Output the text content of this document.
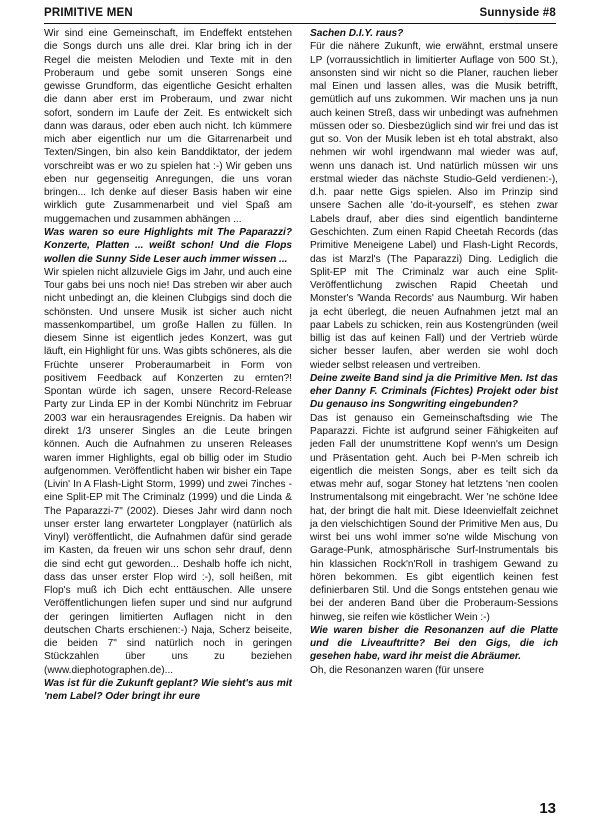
PRIMITIVE MEN	Sunnyside #8

Wir sind eine Gemeinschaft, im Endeffekt entstehen die Songs durch uns alle drei. Klar bring ich in der Regel die meisten Melodien und Texte mit in den Proberaum und gebe somit unseren Songs eine gewisse Grundform, das eigentliche Gesicht erhalten die dann aber erst im Proberaum, und zwar nicht sofort, sondern im Laufe der Zeit. Es entwickelt sich dann was daraus, oder eben auch nicht. Ich kümmere mich aber eigentlich nur um die Gitarrenarbeit und Texten/Singen, bin also kein Banddiktator, der jedem vorschreibt was er wo zu spielen hat :-) Wir geben uns eben nur gegenseitig Anregungen, die uns voran bringen... Ich denke auf dieser Basis haben wir eine wirklich gute Zusammenarbeit und viel Spaß am muggemachen und zusammen abhängen ...

Was waren so eure Highlights mit The Paparazzi? Konzerte, Platten ... weißt schon! Und die Flops wollen die Sunny Side Leser auch immer wissen ...

Wir spielen nicht allzuviele Gigs im Jahr, und auch eine Tour gabs bei uns noch nie! Das streben wir aber auch nicht unbedingt an, die kleinen Clubgigs sind doch die schönsten. Und unsere Musik ist sicher auch nicht massenkompartibel, um große Hallen zu füllen. In diesem Sinne ist eigentlich jedes Konzert, was gut läuft, ein Highlight für uns. Was gibts schöneres, als die Früchte unserer Proberaumarbeit in Form von positivem Feedback auf Konzerten zu ernten?! Spontan würde ich sagen, unsere Record-Release Party zur Linda EP in der Kombi Nünchritz im Februar 2003 war ein herausragendes Ereignis. Da haben wir direkt 1/3 unserer Singles an die Leute bringen können. Auch die Aufnahmen zu unseren Releases waren immer Highlights, egal ob billig oder im Studio aufgenommen. Veröffentlicht haben wir bisher ein Tape (Livin' In A Flash-Light Storm, 1999) und zwei 7inches - eine Split-EP mit The Criminalz (1999) und die Linda & The Paparazzi-7" (2002). Dieses Jahr wird dann noch unser erster lang erwarteter Longplayer (natürlich als Vinyl) veröffentlicht, die Aufnahmen dafür sind gerade im Kasten, da freuen wir uns schon sehr drauf, denn die sind echt gut geworden... Deshalb hoffe ich nicht, dass das unser erster Flop wird :-), soll heißen, mit Flop's muß ich Dich echt enttäuschen. Alle unsere Veröffentlichungen liefen super und sind nur aufgrund der geringen limitierten Auflagen nicht in den deutschen Charts erschienen:-) Naja, Scherz beiseite, die beiden 7" sind natürlich noch in geringen Stückzahlen über uns zu beziehen (www.diephotographen.de)...

Was ist für die Zukunft geplant? Wie sieht's aus mit 'nem Label? Oder bringt ihr eure

Sachen D.I.Y. raus?

Für die nähere Zukunft, wie erwähnt, erstmal unsere LP (vorraussichtlich in limitierter Auflage von 500 St.), ansonsten sind wir nicht so die Planer, rauchen lieber mal Einen und lassen alles, was die Musik betrifft, gemütlich auf uns zukommen. Wir machen uns ja nun auch keinen Streß, dass wir unbedingt was aufnehmen müssen oder so. Diesbezüglich sind wir frei und das ist gut so. Von der Musik leben ist eh total abstrakt, also nehmen wir wohl irgendwann mal wieder was auf, wenn uns danach ist. Und natürlich müssen wir uns erstmal wieder das nächste Studio-Geld verdienen:-), d.h. paar nette Gigs spielen. Also im Prinzip sind unsere Sachen alle 'do-it-yourself', es stehen zwar Labels drauf, aber dies sind eigentlich bandinterne Geschichten. Zum einen Rapid Cheetah Records (das Primitive Meneigene Label) und Flash-Light Records, das ist Marzl's (The Paparazzi) Ding. Lediglich die Split-EP mit The Criminalz war auch eine Split-Veröffentlichung zwischen Rapid Cheetah und Monster's 'Wanda Records' aus Naumburg. Wir haben ja echt überlegt, die neuen Aufnahmen jetzt mal an paar Labels zu schicken, rein aus Kostengründen (weil billig ist das auf keinen Fall) und der Vertrieb würde sicher besser laufen, aber werden sie wohl doch wieder selbst releasen und vertreiben.

Deine zweite Band sind ja die Primitive Men. Ist das eher Danny F. Criminals (Fichtes) Projekt oder bist Du genauso ins Songwriting eingebunden?

Das ist genauso ein Gemeinschaftsding wie The Paparazzi. Fichte ist aufgrund seiner Fähigkeiten auf jeden Fall der unumstrittene Kopf wenn's um Design und Präsentation geht. Auch bei P-Men schreib ich eigentlich die meisten Songs, aber es teilt sich da etwas mehr auf, sogar Stoney hat letztens 'nen coolen Instrumentalsong mit eingebracht. Wer 'ne schöne Idee hat, der bringt die halt mit. Diese Ideenvielfalt zeichnet ja den vielschichtigen Sound der Primitive Men aus, Du wirst bei uns wohl immer so'ne wilde Mischung von Garage-Punk, atmosphärische Surf-Instrumentals bis hin klassichen Rock'n'Roll in trashigem Gewand zu hören bekommen. Es gibt eigentlich keinen fest definierbaren Stil. Und die Songs entstehen genau wie bei der anderen Band über die Proberaum-Sessions hinweg, sie reifen wie köstlicher Wein :-)

Wie waren bisher die Resonanzen auf die Platte und die Liveauftritte? Bei den Gigs, die ich gesehen habe, ward ihr meist die Abräumer.

Oh, die Resonanzen waren (für unsere

13
